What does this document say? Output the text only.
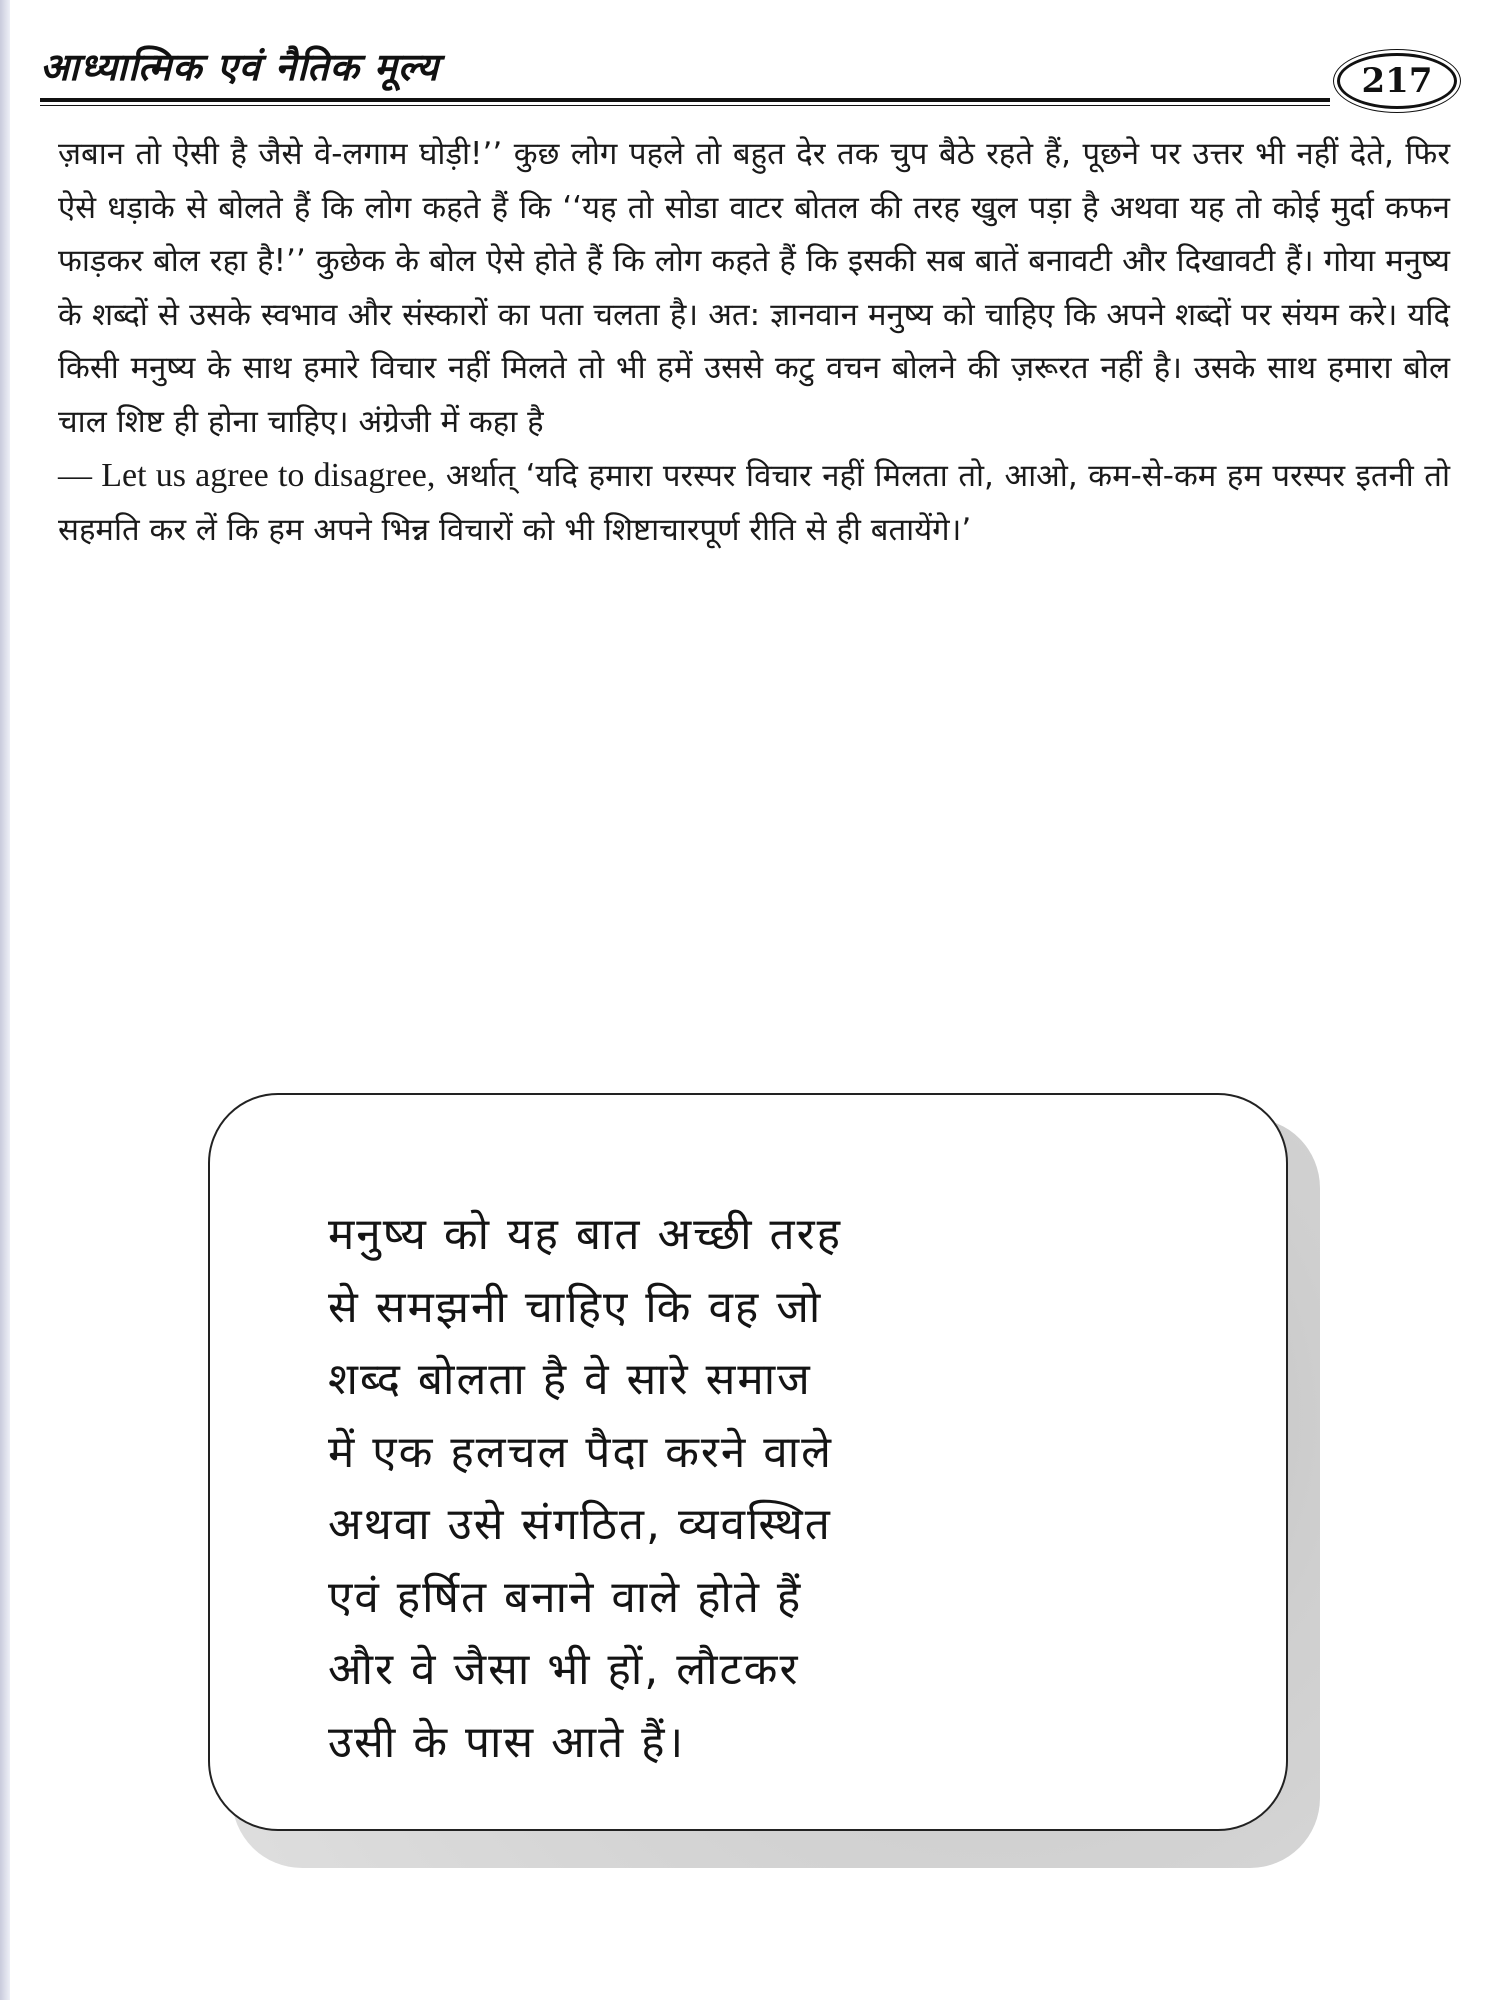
आध्यात्मिक एवं नैतिक मूल्य	217
ज़बान तो ऐसी है जैसे वे-लगाम घोड़ी!’’ कुछ लोग पहले तो बहुत देर तक चुप बैठे रहते हैं, पूछने पर उत्तर भी नहीं देते, फिर ऐसे धड़ाके से बोलते हैं कि लोग कहते हैं कि ‘‘यह तो सोडा वाटर बोतल की तरह खुल पड़ा है अथवा यह तो कोई मुर्दा कफन फाड़कर बोल रहा है!’’ कुछेक के बोल ऐसे होते हैं कि लोग कहते हैं कि इसकी सब बातें बनावटी और दिखावटी हैं। गोया मनुष्य के शब्दों से उसके स्वभाव और संस्कारों का पता चलता है। अत: ज्ञानवान मनुष्य को चाहिए कि अपने शब्दों पर संयम करे। यदि किसी मनुष्य के साथ हमारे विचार नहीं मिलते तो भी हमें उससे कटु वचन बोलने की ज़रूरत नहीं है। उसके साथ हमारा बोल चाल शिष्ट ही होना चाहिए। अंग्रेजी में कहा है
— Let us agree to disagree, अर्थात् ‘यदि हमारा परस्पर विचार नहीं मिलता तो, आओ, कम-से-कम हम परस्पर इतनी तो सहमति कर लें कि हम अपने भिन्न विचारों को भी शिष्टाचारपूर्ण रीति से ही बतायेंगे।’
मनुष्य को यह बात अच्छी तरह
से समझनी चाहिए कि वह जो
शब्द बोलता है वे सारे समाज
में एक हलचल पैदा करने वाले
अथवा उसे संगठित, व्यवस्थित
एवं हर्षित बनाने वाले होते हैं
और वे जैसा भी हों, लौटकर
उसी के पास आते हैं।
